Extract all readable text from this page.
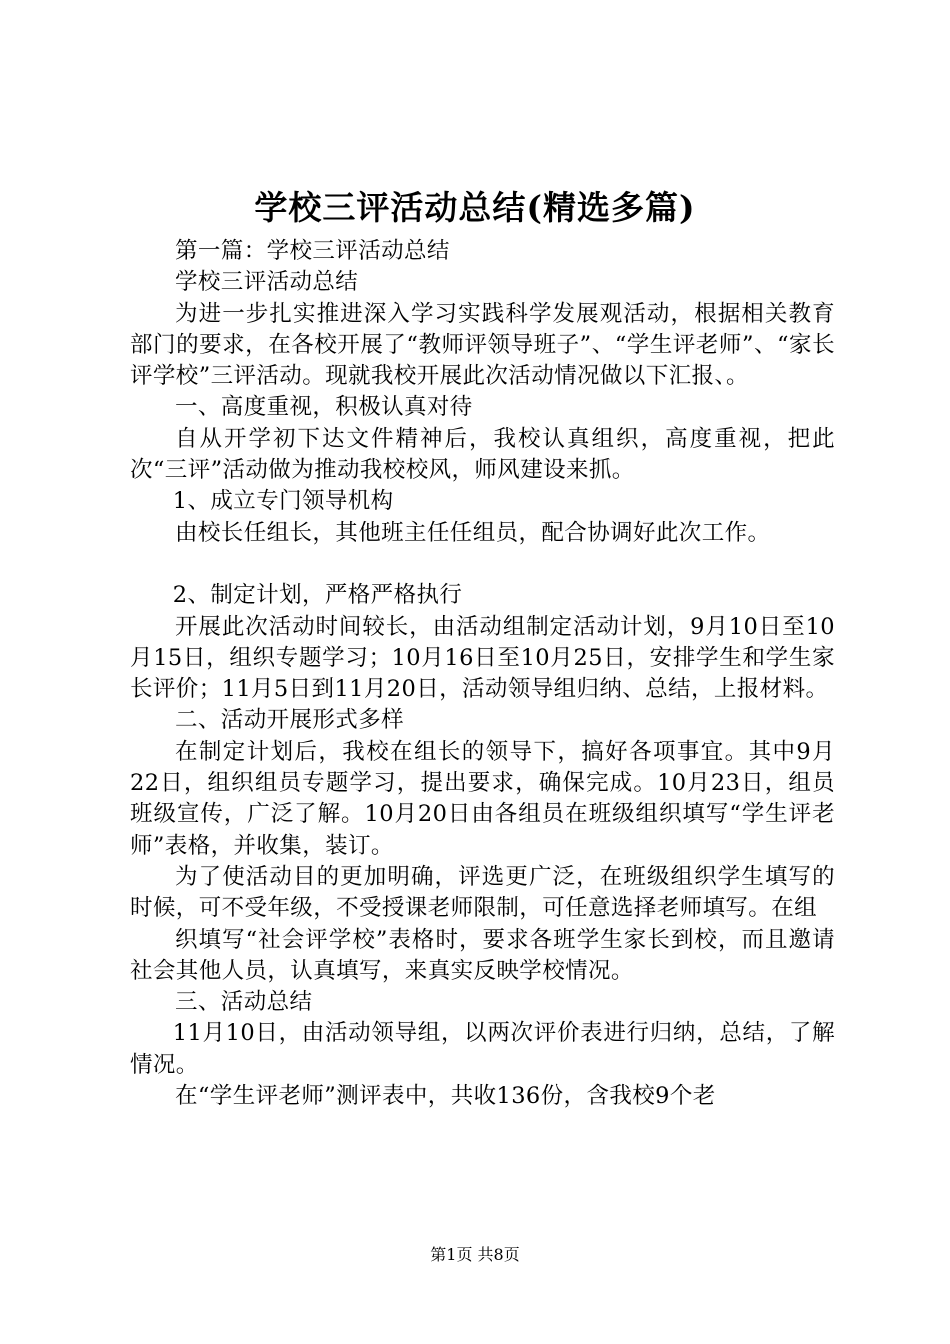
学校三评活动总结(精选多篇)

第一篇：学校三评活动总结

学校三评活动总结

为进一步扎实推进深入学习实践科学发展观活动，根据相关教育部门的要求，在各校开展了“教师评领导班子”、“学生评老师”、“家长评学校”三评活动。现就我校开展此次活动情况做以下汇报、。

一、高度重视，积极认真对待

自从开学初下达文件精神后，我校认真组织，高度重视，把此次“三评”活动做为推动我校校风，师风建设来抓。

1、成立专门领导机构

由校长任组长，其他班主任任组员，配合协调好此次工作。

2、制定计划，严格严格执行

开展此次活动时间较长，由活动组制定活动计划，9月10日至10月15日，组织专题学习；10月16日至10月25日，安排学生和学生家长评价；11月5日到11月20日，活动领导组归纳、总结，上报材料。

二、活动开展形式多样

在制定计划后，我校在组长的领导下，搞好各项事宜。其中9月22日，组织组员专题学习，提出要求，确保完成。10月23日，组员班级宣传，广泛了解。10月20日由各组员在班级组织填写“学生评老师”表格，并收集，装订。

为了使活动目的更加明确，评选更广泛，在班级组织学生填写的时候，可不受年级，不受授课老师限制，可任意选择老师填写。在组

织填写“社会评学校”表格时，要求各班学生家长到校，而且邀请社会其他人员，认真填写，来真实反映学校情况。

三、活动总结

11月10日，由活动领导组，以两次评价表进行归纳，总结，了解情况。

在“学生评老师”测评表中，共收136份，含我校9个老

第1页 共8页
